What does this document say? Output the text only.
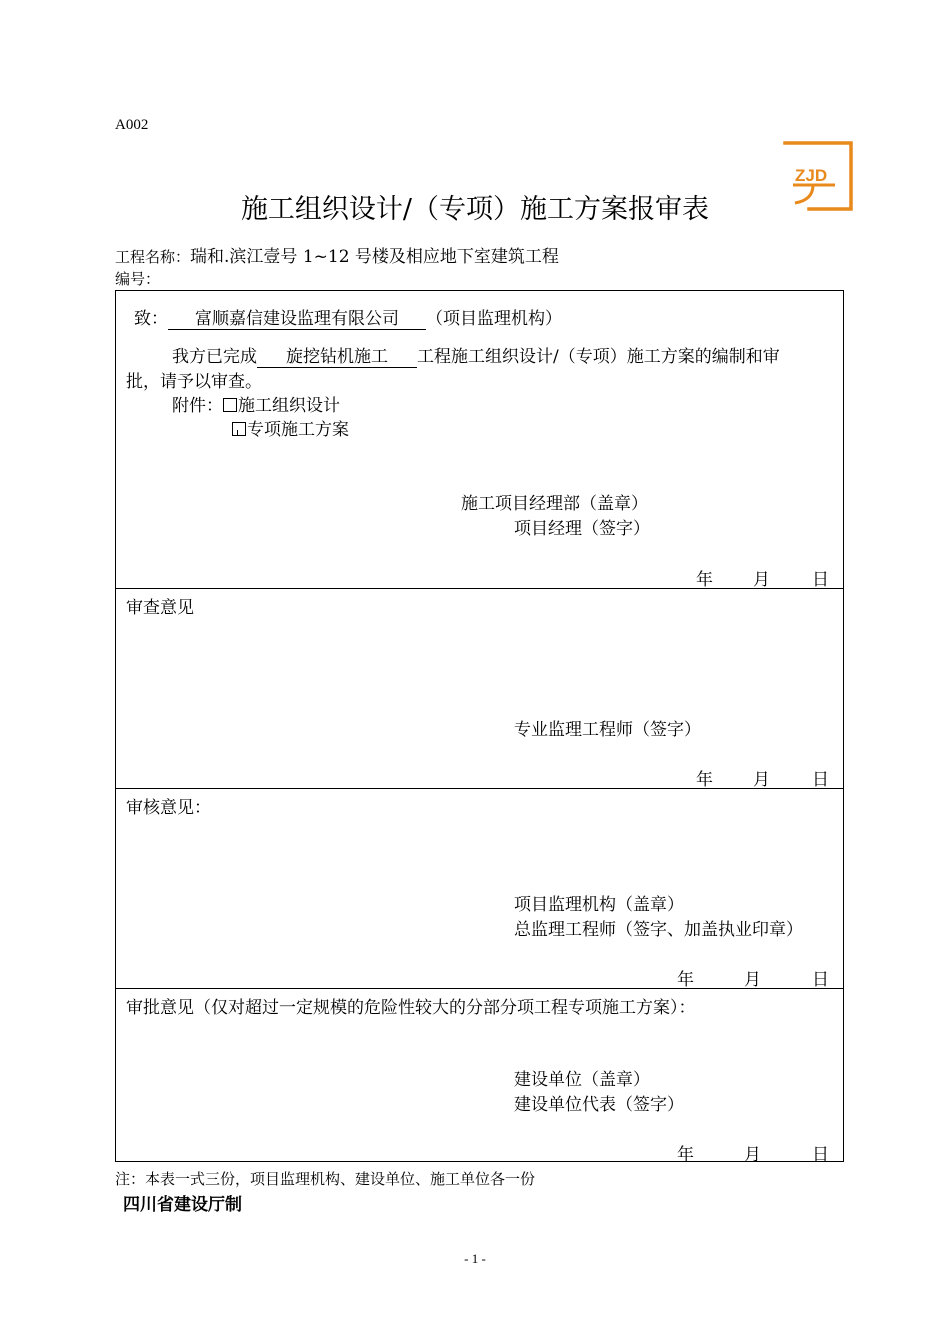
A002
ZJD
施工组织设计/（专项）施工方案报审表
工程名称：瑞和.滨江壹号 1~12 号楼及相应地下室建筑工程
编号：
致： 富顺嘉信建设监理有限公司 （项目监理机构）
我方已完成 旋挖钻机施工 工程施工组织设计/（专项）施工方案的编制和审
批，请予以审查。
附件： 施工组织设计
专项施工方案
施工项目经理部（盖章）
项目经理（签字）
年 月 日
审查意见
专业监理工程师（签字）
年 月 日
审核意见：
项目监理机构（盖章）
总监理工程师（签字、加盖执业印章）
年	月	日
审批意见（仅对超过一定规模的危险性较大的分部分项工程专项施工方案）：
建设单位（盖章）
建设单位代表（签字）
年	月	日
注：本表一式三份，项目监理机构、建设单位、施工单位各一份
四川省建设厅制
- 1 -
